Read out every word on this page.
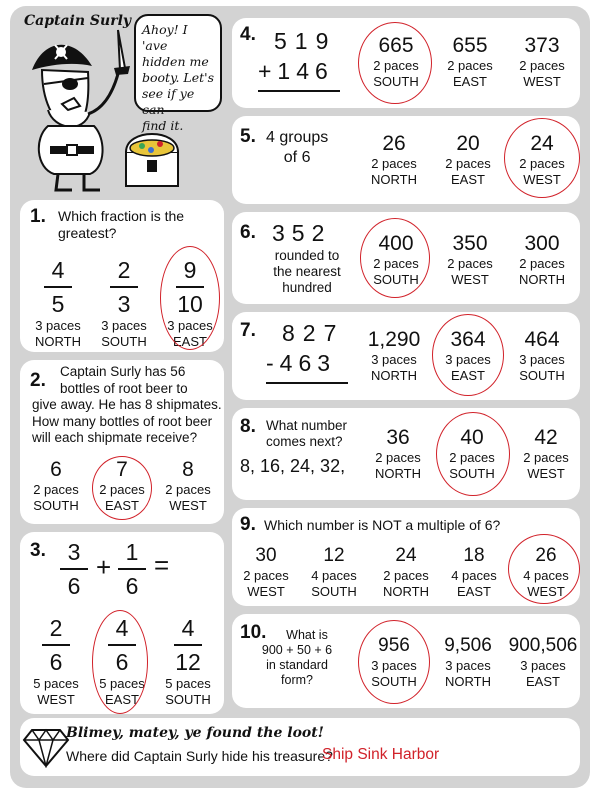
Captain Surly
Ahoy! I 'ave
hidden me
booty. Let's
see if ye can
find it.
1. Which fraction is the
greatest?
4
5
3 paces
NORTH
2
3
3 paces
SOUTH
9
10
3 paces
EAST
2.	Captain Surly has 56
bottles of root beer to
give away. He has 8 shipmates.
How many bottles of root beer
will each shipmate receive?
6
2 paces
SOUTH
7
2 paces
EAST
8
2 paces
WEST
3. 3
6
+ 1
6
=
2
6
5 paces
WEST
4
6
5 paces
EAST
4
12
5 paces
SOUTH
4. 519
+146
665
2 paces
SOUTH
655
2 paces
EAST
373
2 paces
WEST
5. 4 groups
of 6
26
2 paces
NORTH
20
2 paces
EAST
24
2 paces
WEST
6. 352
rounded to
the nearest
hundred
400
2 paces
SOUTH
350
2 paces
WEST
300
2 paces
NORTH
7. 827
-463
1,290
3 paces
NORTH
364
3 paces
EAST
464
3 paces
SOUTH
8. What number
comes next?
8, 16, 24, 32,
36
2 paces
NORTH
40
2 paces
SOUTH
42
2 paces
WEST
9. Which number is NOT a multiple of 6?
30
2 paces
WEST
12
4 paces
SOUTH
24
2 paces
NORTH
18
4 paces
EAST
26
4 paces
WEST
10.	What is
900 + 50 + 6
in standard
form?
956
3 paces
SOUTH
9,506
3 paces
NORTH
900,506
3 paces
EAST
Blimey, matey, ye found the loot!
Where did Captain Surly hide his treasure?
Ship Sink Harbor
